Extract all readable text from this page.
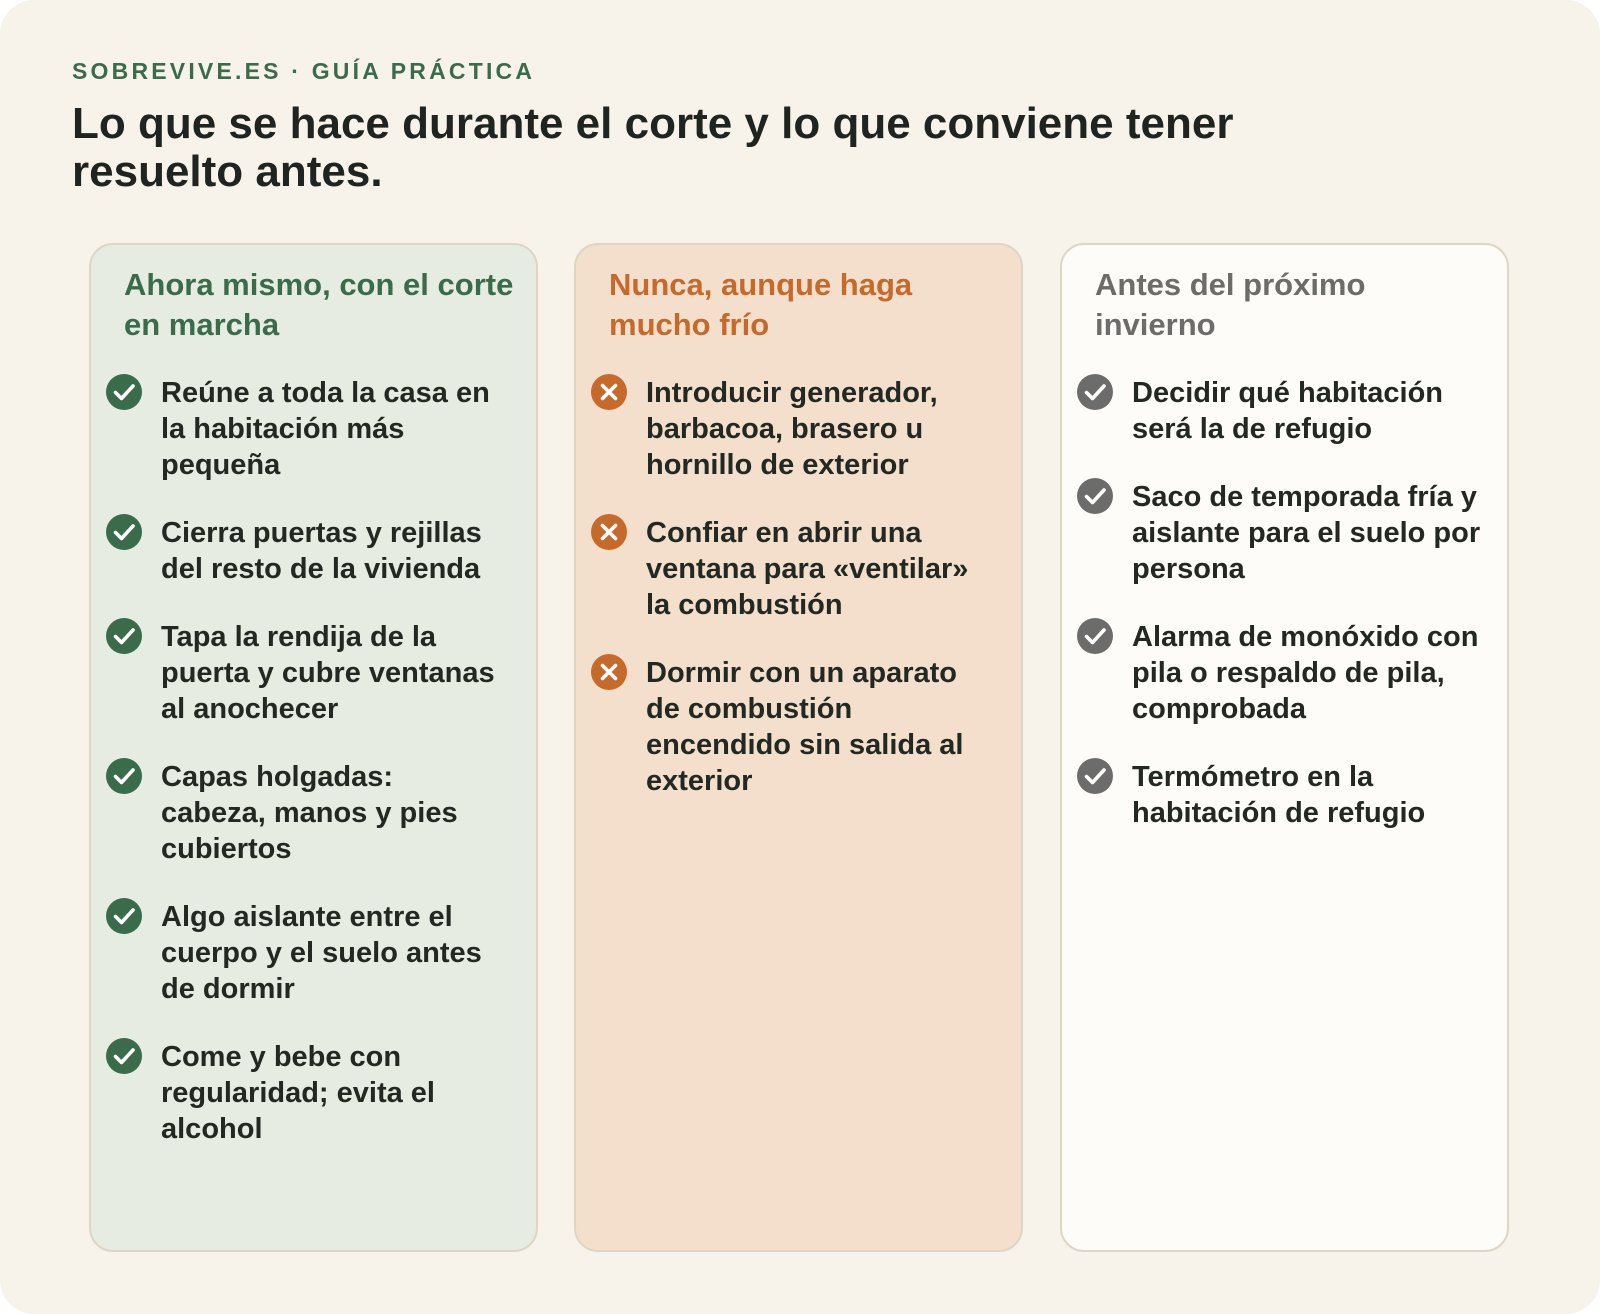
SOBREVIVE.ES · GUÍA PRÁCTICA
Lo que se hace durante el corte y lo que conviene tener resuelto antes.
Ahora mismo, con el corte en marcha
Reúne a toda la casa en la habitación más pequeña
Cierra puertas y rejillas del resto de la vivienda
Tapa la rendija de la puerta y cubre ventanas al anochecer
Capas holgadas: cabeza, manos y pies cubiertos
Algo aislante entre el cuerpo y el suelo antes de dormir
Come y bebe con regularidad; evita el alcohol
Nunca, aunque haga mucho frío
Introducir generador, barbacoa, brasero u hornillo de exterior
Confiar en abrir una ventana para «ventilar» la combustión
Dormir con un aparato de combustión encendido sin salida al exterior
Antes del próximo invierno
Decidir qué habitación será la de refugio
Saco de temporada fría y aislante para el suelo por persona
Alarma de monóxido con pila o respaldo de pila, comprobada
Termómetro en la habitación de refugio
